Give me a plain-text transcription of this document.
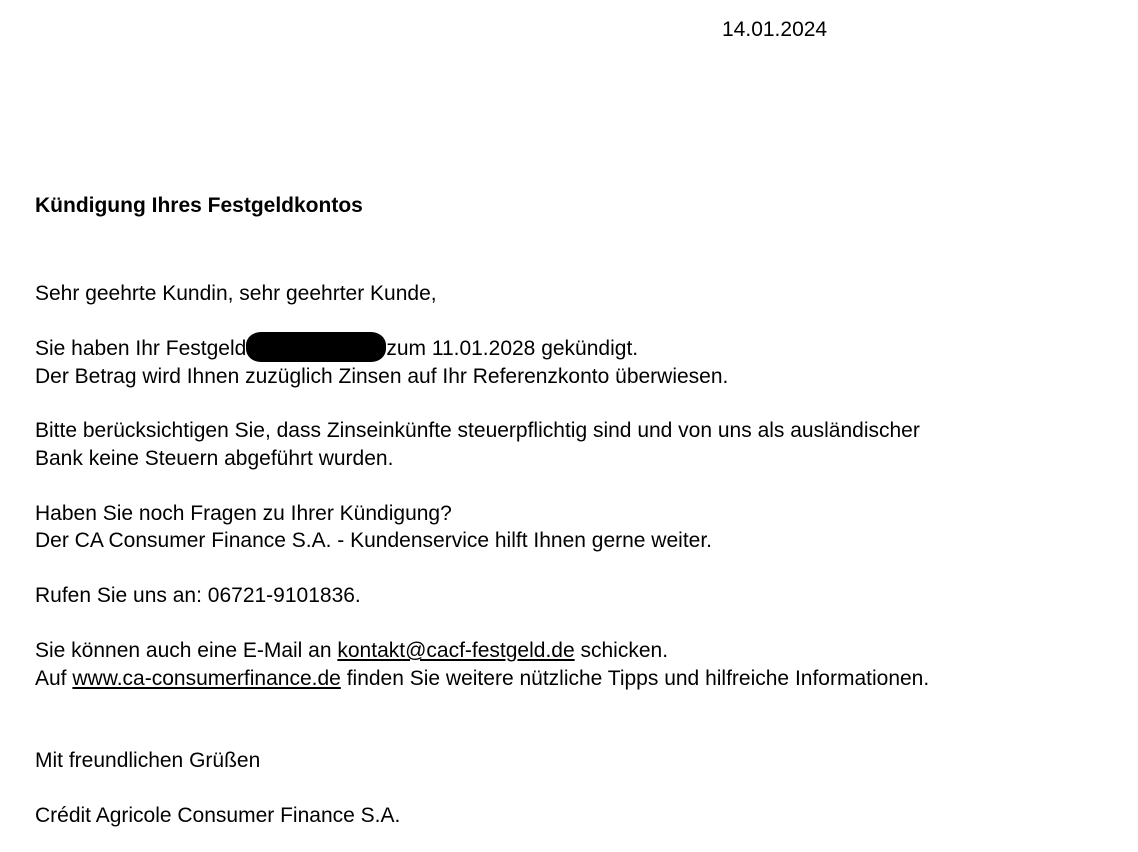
14.01.2024
Kündigung Ihres Festgeldkontos
Sehr geehrte Kundin, sehr geehrter Kunde,
Sie haben Ihr Festgeld	zum 11.01.2028 gekündigt.
Der Betrag wird Ihnen zuzüglich Zinsen auf Ihr Referenzkonto überwiesen.
Bitte berücksichtigen Sie, dass Zinseinkünfte steuerpflichtig sind und von uns als ausländischer
Bank keine Steuern abgeführt wurden.
Haben Sie noch Fragen zu Ihrer Kündigung?
Der CA Consumer Finance S.A. - Kundenservice hilft Ihnen gerne weiter.
Rufen Sie uns an: 06721-9101836.
Sie können auch eine E-Mail an kontakt@cacf-festgeld.de schicken.
Auf www.ca-consumerfinance.de finden Sie weitere nützliche Tipps und hilfreiche Informationen.
Mit freundlichen Grüßen
Crédit Agricole Consumer Finance S.A.
